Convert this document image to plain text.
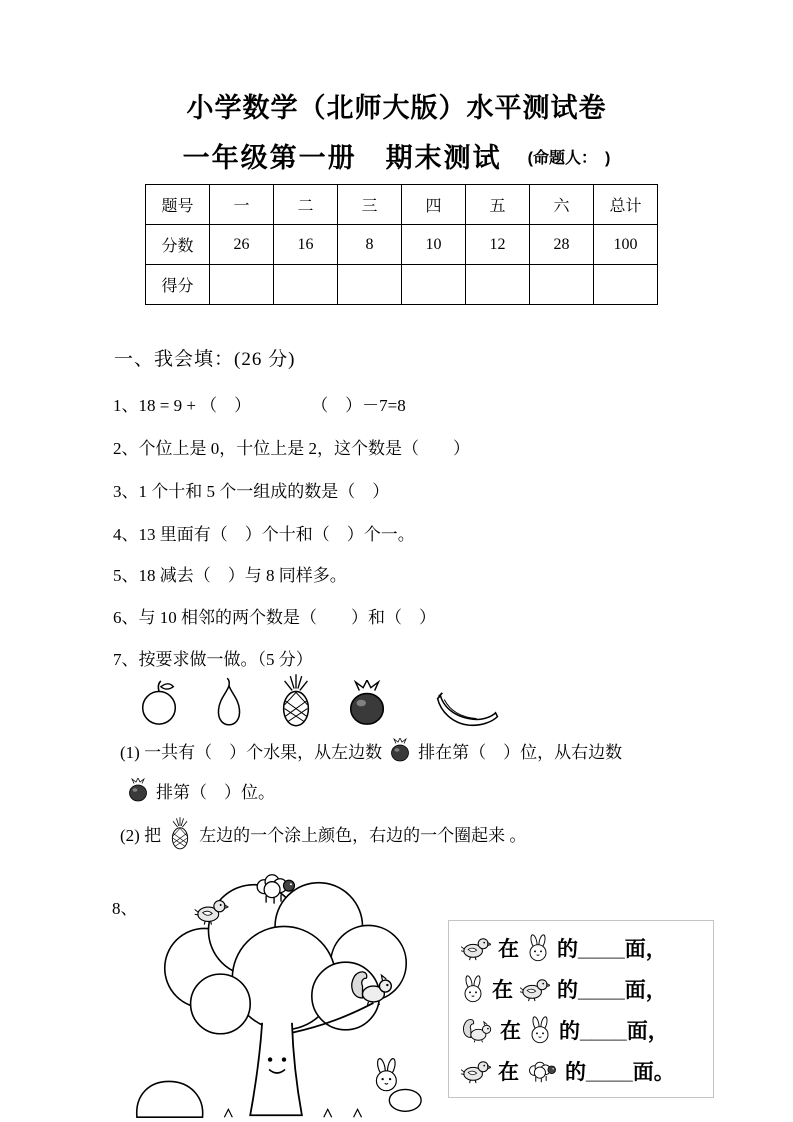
小学数学（北师大版）水平测试卷
一年级第一册　期末测试 (命题人：　)
题号	一	二	三	四	五	六	总计
分数	26	16	8	10	12	28	100
得分							
一、我会填：(26 分)
1、18 = 9 + （　）	（　）－7=8
2、个位上是 0，十位上是 2，这个数是（　　）
3、1 个十和 5 个一组成的数是（　）
4、13 里面有（　）个十和（　）个一。
5、18 减去（　）与 8 同样多。
6、与 10 相邻的两个数是（　　）和（　）
7、按要求做一做。（5 分）
(1) 一共有（　）个水果，从左边数 排在第（　）位，从右边数
排第（　）位。
(2) 把 左边的一个涂上颜色，右边的一个圈起来 。
8、
在 的____面，
在 的____面，
在 的____面，
在 的____面。
